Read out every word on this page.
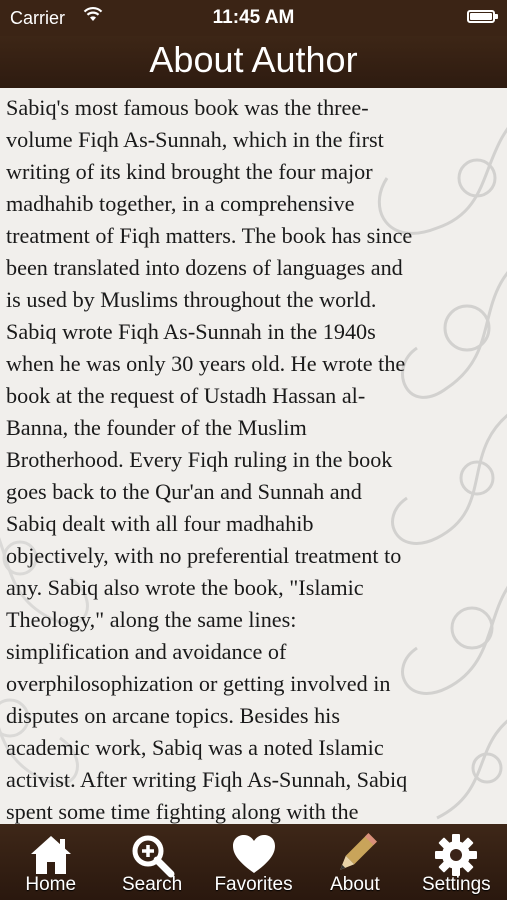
Carrier	11:45 AM
About Author

Sabiq's most famous book was the three-
volume Fiqh As-Sunnah, which in the first
writing of its kind brought the four major
madhahib together, in a comprehensive
treatment of Fiqh matters. The book has since
been translated into dozens of languages and
is used by Muslims throughout the world.
Sabiq wrote Fiqh As-Sunnah in the 1940s
when he was only 30 years old. He wrote the
book at the request of Ustadh Hassan al-
Banna, the founder of the Muslim
Brotherhood. Every Fiqh ruling in the book
goes back to the Qur'an and Sunnah and
Sabiq dealt with all four madhahib
objectively, with no preferential treatment to
any. Sabiq also wrote the book, "Islamic
Theology," along the same lines:
simplification and avoidance of
overphilosophization or getting involved in
disputes on arcane topics. Besides his
academic work, Sabiq was a noted Islamic
activist. After writing Fiqh As-Sunnah, Sabiq
spent some time fighting along with the

Home	Search	Favorites	About	Settings
